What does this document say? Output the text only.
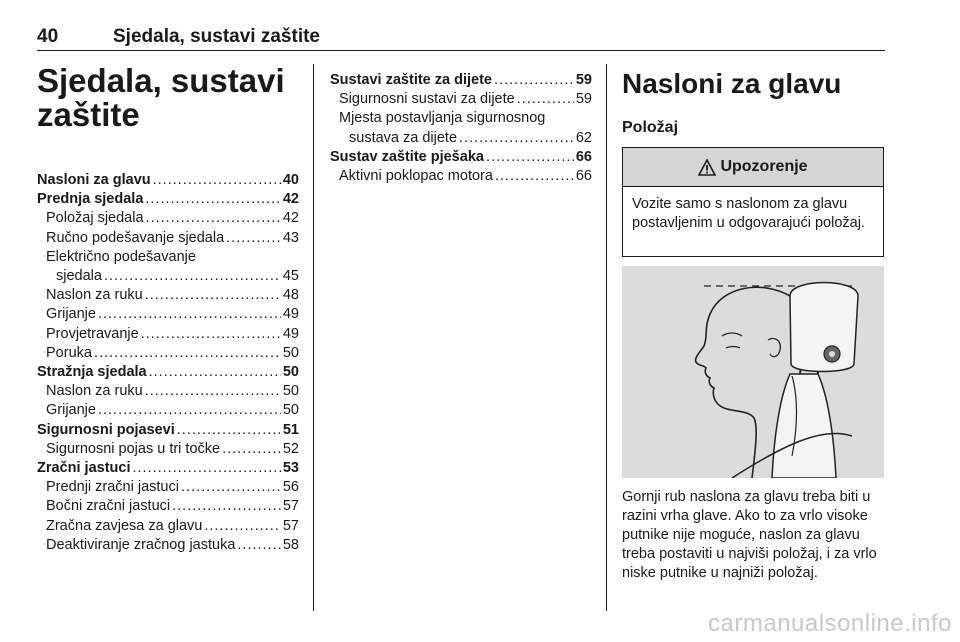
40	Sjedala, sustavi zaštite
Sjedala, sustavi
zaštite
Nasloni za glavu .....	40
Prednja sjedala .....	42
Položaj sjedala .....	42
Ručno podešavanje sjedala .....	43
Električno podešavanje
sjedala .....	45
Naslon za ruku .....	48
Grijanje .....	49
Provjetravanje .....	49
Poruka .....	50
Stražnja sjedala .....	50
Naslon za ruku .....	50
Grijanje .....	50
Sigurnosni pojasevi .....	51
Sigurnosni pojas u tri točke .....	52
Zračni jastuci .....	53
Prednji zračni jastuci .....	56
Bočni zračni jastuci .....	57
Zračna zavjesa za glavu .....	57
Deaktiviranje zračnog jastuka .....	58
Sustavi zaštite za dijete .....	59
Sigurnosni sustavi za dijete .....	59
Mjesta postavljanja sigurnosnog
sustava za dijete .....	62
Sustav zaštite pješaka .....	66
Aktivni poklopac motora .....	66
Nasloni za glavu
Položaj
Upozorenje
Vozite samo s naslonom za glavu postavljenim u odgovarajući položaj.
Gornji rub naslona za glavu treba biti u razini vrha glave. Ako to za vrlo visoke putnike nije moguće, naslon za glavu treba postaviti u najviši položaj, i za vrlo niske putnike u najniži položaj.
carmanualsonline.info
